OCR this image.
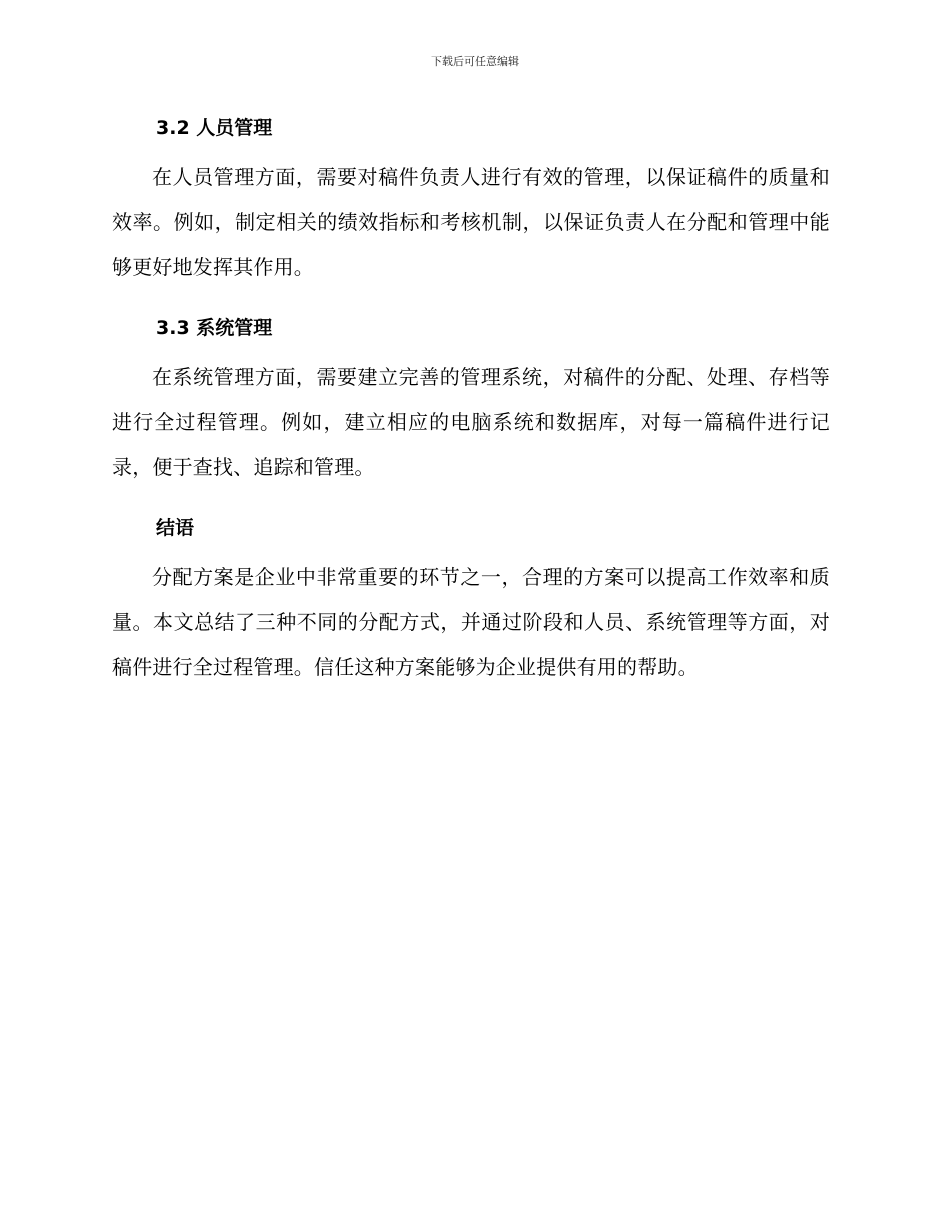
下载后可任意编辑
3.2 人员管理

在人员管理方面，需要对稿件负责人进行有效的管理，以保证稿件的质量和效率。例如，制定相关的绩效指标和考核机制，以保证负责人在分配和管理中能够更好地发挥其作用。

3.3 系统管理

在系统管理方面，需要建立完善的管理系统，对稿件的分配、处理、存档等进行全过程管理。例如，建立相应的电脑系统和数据库，对每一篇稿件进行记录，便于查找、追踪和管理。

结语

分配方案是企业中非常重要的环节之一，合理的方案可以提高工作效率和质量。本文总结了三种不同的分配方式，并通过阶段和人员、系统管理等方面，对稿件进行全过程管理。信任这种方案能够为企业提供有用的帮助。
